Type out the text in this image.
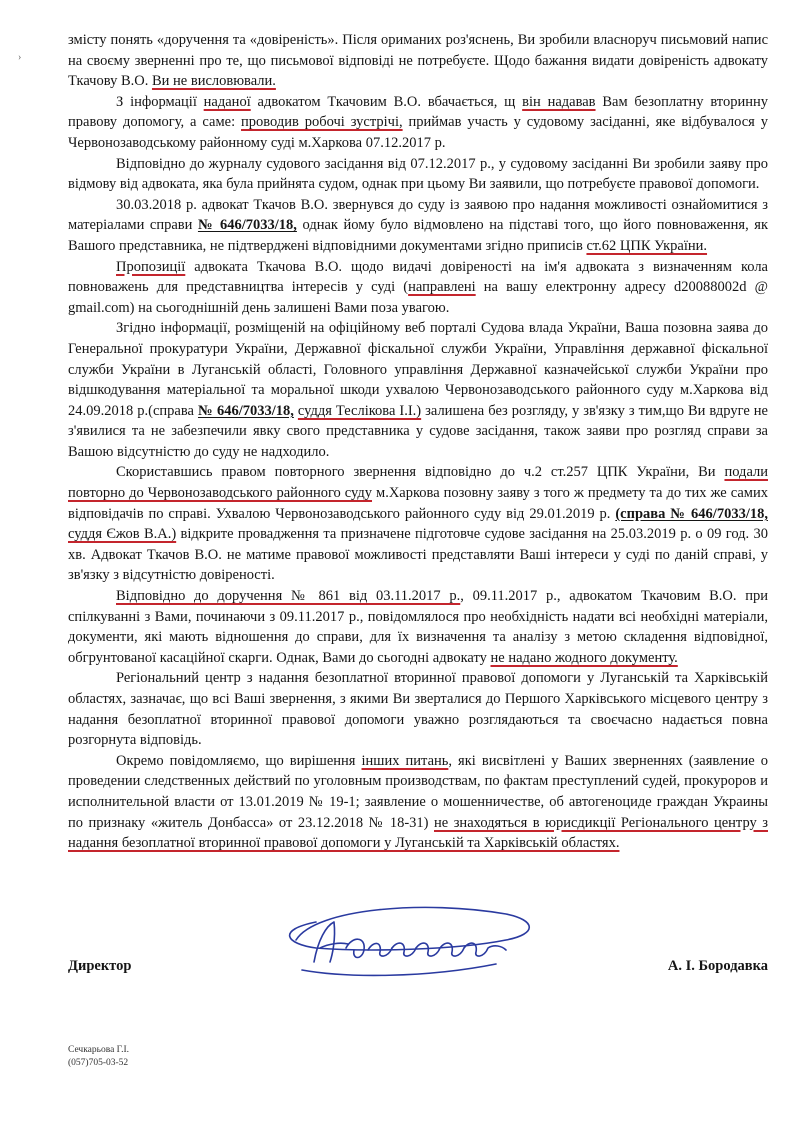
›

змісту понять «доручення та «довіреність». Після оримaних роз'яснень, Ви зробили власноруч письмовий напис на своєму зверненні про те, що письмової відповіді не потребуєте. Щодо бажання видати довіреність адвокату Ткачову В.О. Ви не висловювали.

З інформації наданої адвокатом Ткачовим В.О. вбачається, щ він надавав Вам безоплатну вторинну правову допомогу, а саме: проводив робочі зустрічі, приймав участь у судовому засіданні, яке відбувалося у Червонозаводському районному суді м.Харкова 07.12.2017 р.

Відповідно до журналу судового засідання від 07.12.2017 р., у судовому засіданні Ви зробили заяву про відмову від адвоката, яка була прийнята судом, однак при цьому Ви заявили, що потребуєте правової допомоги.

30.03.2018 р. адвокат Ткачов В.О. звернувся до суду із заявою про надання можливості ознайомитися з матеріалами справи № 646/7033/18, однак йому було відмовлено на підставі того, що його повноваження, як Вашого представника, не підтверджені відповідними документами згідно приписів ст.62 ЦПК України.

Пропозиції адвоката Ткачова В.О. щодо видачі довіреності на ім'я адвоката з визначенням кола повноважень для представництва інтересів у суді (направлені на вашу електронну адресу d20088002d @ gmail.com) на сьогоднішній день залишені Вами поза увагою.

Згідно інформації, розміщеній на офіційному веб порталі Судова влада України, Ваша позовна заява до Генеральної прокуратури України, Державної фіскальної служби України, Управління державної фіскальної служби України в Луганській області, Головного управління Державної казначейської служби України про відшкодування матеріальної та моральної шкоди ухвалою Червонозаводського районного суду м.Харкова від 24.09.2018 р.(справа № 646/7033/18, суддя Теслікова І.І.) залишена без розгляду, у зв'язку з тим,що Ви вдруге не з'явилися та не забезпечили явку свого представника у судове засідання, також заяви про розгляд справи за Вашою відсутністю до суду не надходило.

Скориставшись правом повторного звернення відповідно до ч.2 ст.257 ЦПК України, Ви подали повторно до Червонозаводського районного суду м.Харкова позовну заяву з того ж предмету та до тих же самих відповідачів по справі. Ухвалою Червонозаводського районного суду від 29.01.2019 р. (справа № 646/7033/18, суддя Єжов В.А.) відкрите провадження та призначене підготовче судове засідання на 25.03.2019 р. о 09 год. 30 хв. Адвокат Ткачов В.О. не матиме правової можливості представляти Ваші інтереси у суді по даній справі, у зв'язку з відсутністю довіреності.

Відповідно до доручення № 861 від 03.11.2017 р., 09.11.2017 р., адвокатом Ткачовим В.О. при спілкуванні з Вами, починаючи з 09.11.2017 р., повідомлялося про необхідність надати всі необхідні матеріали, документи, які мають відношення до справи, для їх визначення та аналізу з метою складення відповідної, обгрунтованої касаційної скарги. Однак, Вами до сьогодні адвокату не надано жодного документу.

Регіональний центр з надання безоплатної вторинної правової допомоги у Луганській та Харківській областях, зазначає, що всі Ваші звернення, з якими Ви зверталися до Першого Харківського місцевого центру з надання безоплатної вторинної правової допомоги уважно розглядаються та своєчасно надається повна розгорнута відповідь.

Окремо повідомляємо, що вирішення інших питань, які висвітлені у Ваших зверненнях (заявление о проведении следственных действий по уголовным производствам, по фактам преступлений судей, прокуроров и исполнительной власти от 13.01.2019 № 19-1; заявление о мошенничестве, об автогеноциде граждан Украины по признаку «житель Донбасса» от 23.12.2018 № 18-31) не знаходяться в юрисдикції Регіонального центру з надання безоплатної вторинної правової допомоги у Луганській та Харківській областях.

Директор	А. І. Бородавка
Сечкарьова Г.І.
(057)705-03-52
